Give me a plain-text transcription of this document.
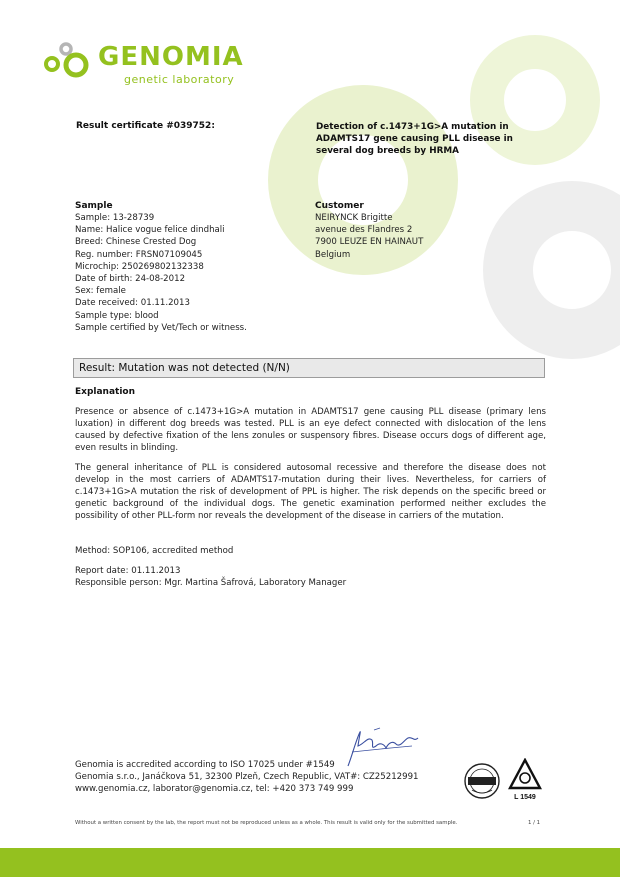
GENOMIA
genetic laboratory
Result certificate #039752:	Detection of c.1473+1G>A mutation in ADAMTS17 gene causing PLL disease in several dog breeds by HRMA
Sample
Sample: 13-28739
Name: Halice vogue felice dindhali
Breed: Chinese Crested Dog
Reg. number: FRSN07109045
Microchip: 250269802132338
Date of birth: 24-08-2012
Sex: female
Date received: 01.11.2013
Sample type: blood
Sample certified by Vet/Tech or witness.
Customer
NEIRYNCK Brigitte
avenue des Flandres 2
7900 LEUZE EN HAINAUT
Belgium
Result: Mutation was not detected (N/N)
Explanation
Presence or absence of c.1473+1G>A mutation in ADAMTS17 gene causing PLL disease (primary lens luxation) in different dog breeds was tested. PLL is an eye defect connected with dislocation of the lens caused by defective fixation of the lens zonules or suspensory fibres. Disease occurs dogs of different age, even results in blinding.
The general inheritance of PLL is considered autosomal recessive and therefore the disease does not develop in the most carriers of ADAMTS17-mutation during their lives. Nevertheless, for carriers of c.1473+1G>A mutation the risk of development of PPL is higher. The risk depends on the specific breed or genetic background of the individual dogs. The genetic examination performed neither excludes the possibility of other PLL-form nor reveals the development of the disease in carriers of the mutation.
Method: SOP106, accredited method
Report date: 01.11.2013
Responsible person: Mgr. Martina Šafrová, Laboratory Manager
Genomia is accredited according to ISO 17025 under #1549
Genomia s.r.o., Janáčkova 51, 32300 Plzeň, Czech Republic, VAT#: CZ25212991
www.genomia.cz, laborator@genomia.cz, tel: +420 373 749 999
L 1549
Without a written consent by the lab, the report must not be reproduced unless as a whole. This result is valid only for the submitted sample.	1 / 1
